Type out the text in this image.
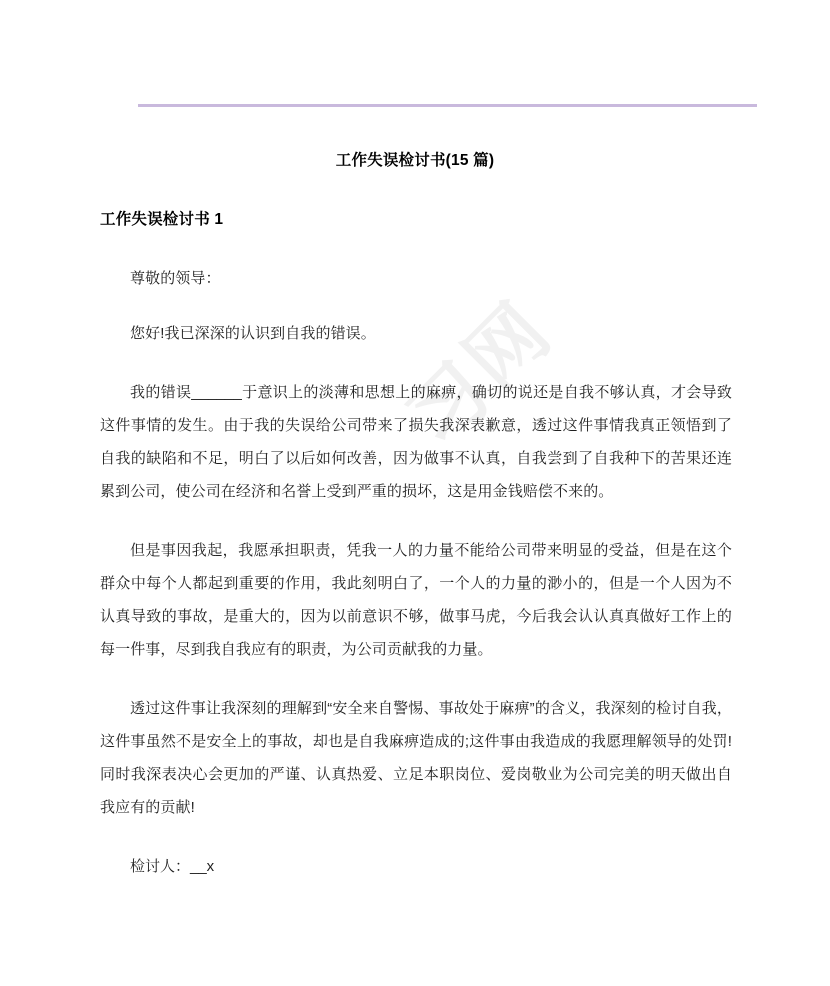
习网
工作失误检讨书(15 篇)
工作失误检讨书 1

尊敬的领导：

您好!我已深深的认识到自我的错误。

我的错误______于意识上的淡薄和思想上的麻痹，确切的说还是自我不够认真，才会导致这件事情的发生。由于我的失误给公司带来了损失我深表歉意，透过这件事情我真正领悟到了自我的缺陷和不足，明白了以后如何改善，因为做事不认真，自我尝到了自我种下的苦果还连累到公司，使公司在经济和名誉上受到严重的损坏，这是用金钱赔偿不来的。

但是事因我起，我愿承担职责，凭我一人的力量不能给公司带来明显的受益，但是在这个群众中每个人都起到重要的作用，我此刻明白了，一个人的力量的渺小的，但是一个人因为不认真导致的事故，是重大的，因为以前意识不够，做事马虎，今后我会认认真真做好工作上的每一件事，尽到我自我应有的职责，为公司贡献我的力量。

透过这件事让我深刻的理解到“安全来自警惕、事故处于麻痹”的含义，我深刻的检讨自我，这件事虽然不是安全上的事故，却也是自我麻痹造成的;这件事由我造成的我愿理解领导的处罚!同时我深表决心会更加的严谨、认真热爱、立足本职岗位、爱岗敬业为公司完美的明天做出自我应有的贡献!

检讨人：__x
